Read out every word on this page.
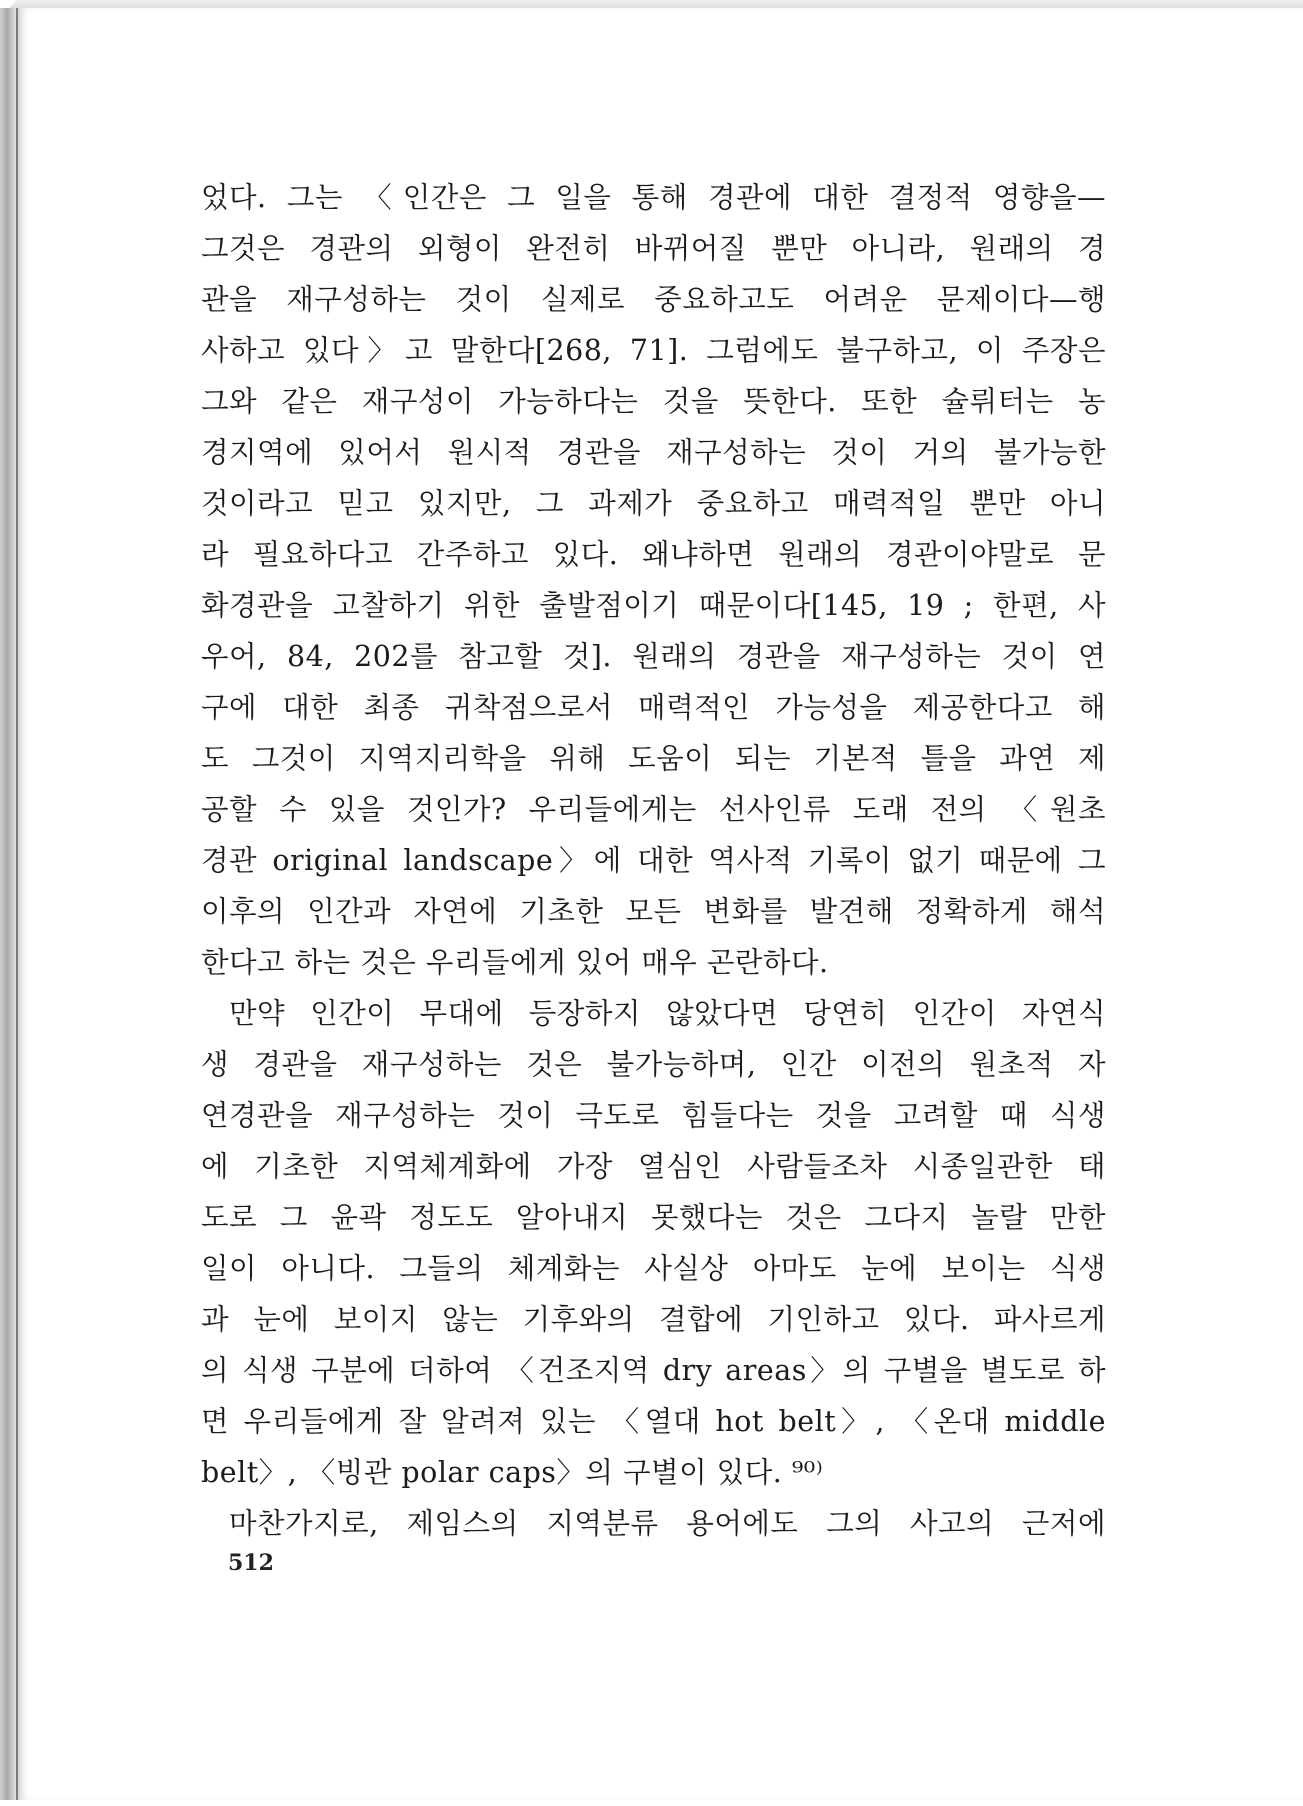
었다. 그는 〈인간은 그 일을 통해 경관에 대한 결정적 영향을—
그것은 경관의 외형이 완전히 바뀌어질 뿐만 아니라, 원래의 경
관을 재구성하는 것이 실제로 중요하고도 어려운 문제이다—행
사하고 있다〉고 말한다[268, 71]. 그럼에도 불구하고, 이 주장은
그와 같은 재구성이 가능하다는 것을 뜻한다. 또한 슐뤼터는 농
경지역에 있어서 원시적 경관을 재구성하는 것이 거의 불가능한
것이라고 믿고 있지만, 그 과제가 중요하고 매력적일 뿐만 아니
라 필요하다고 간주하고 있다. 왜냐하면 원래의 경관이야말로 문
화경관을 고찰하기 위한 출발점이기 때문이다[145, 19 ; 한편, 사
우어, 84, 202를 참고할 것]. 원래의 경관을 재구성하는 것이 연
구에 대한 최종 귀착점으로서 매력적인 가능성을 제공한다고 해
도 그것이 지역지리학을 위해 도움이 되는 기본적 틀을 과연 제
공할 수 있을 것인가? 우리들에게는 선사인류 도래 전의 〈원초
경관 original landscape〉에 대한 역사적 기록이 없기 때문에 그
이후의 인간과 자연에 기초한 모든 변화를 발견해 정확하게 해석
한다고 하는 것은 우리들에게 있어 매우 곤란하다.
만약 인간이 무대에 등장하지 않았다면 당연히 인간이 자연식
생 경관을 재구성하는 것은 불가능하며, 인간 이전의 원초적 자
연경관을 재구성하는 것이 극도로 힘들다는 것을 고려할 때 식생
에 기초한 지역체계화에 가장 열심인 사람들조차 시종일관한 태
도로 그 윤곽 정도도 알아내지 못했다는 것은 그다지 놀랄 만한
일이 아니다. 그들의 체계화는 사실상 아마도 눈에 보이는 식생
과 눈에 보이지 않는 기후와의 결합에 기인하고 있다. 파사르게
의 식생 구분에 더하여 〈건조지역 dry areas〉의 구별을 별도로 하
면 우리들에게 잘 알려져 있는 〈열대 hot belt〉, 〈온대 middle
belt〉, 〈빙관 polar caps〉의 구별이 있다. ⁹⁰⁾
마찬가지로, 제임스의 지역분류 용어에도 그의 사고의 근저에
512
